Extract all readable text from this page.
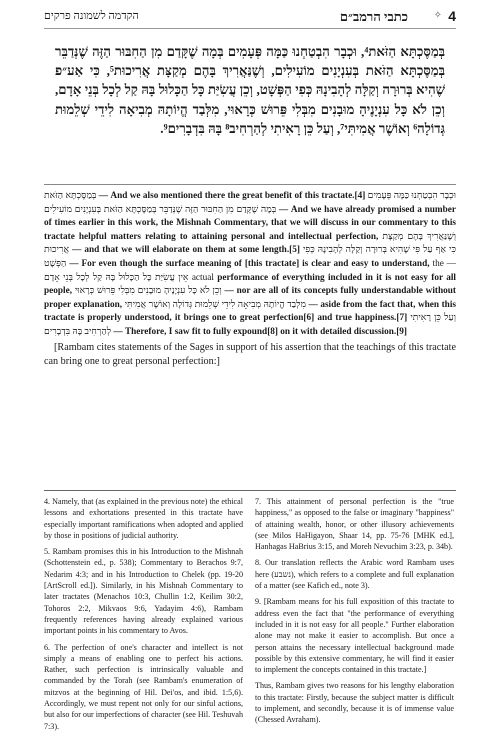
4
✧
כתבי הרמב״ם
הקדמה לשמונה פרקים
בְּמַסֶּכְתָּא הַזֹּאת⁴, וּכְבָר הִבְטַחְנוּ כַּמָּה פְּעָמִים בְּמָה שֶׁקָּדַם מִן הַחִבּוּר הַזֶּה שֶׁנְּדַבֵּר בְּמַסֶּכְתָּא הַזֹּאת בְּעִנְיָנִים מוֹעִילִים, וְשֶׁנַּאֲרִיךְ בָּהֶם מְקַצָּת אֲרִיכוּת⁵, כִּי אַע״פ שֶׁהִיא בְּרוּרָה וְקַלָּה לְהָבִינָהּ כְּפִי הַפְּשָׁט, וְכֵן עֲשִׂיַּת כָּל הַכָּלוּל בָּהּ קַל לְכָל בְּנֵי אָדָם, וְכֵן לֹא כָּל עִנְיָנֶיהָ מוּבָנִים מִבְּלִי פֵּרוּשׁ כְּרָאוּי, מִלְּבַד הֱיוֹתָהּ מְבִיאָה לִידֵי שְׁלֵמוּת גְּדוֹלָה⁶ וְאוֹשֶׁר אֲמִיתִּי⁷, וְעַל כֵּן רָאִיתִי לְהַרְחִיב⁸ בָּהּ בִּדְבָרִים⁹.

בְּמַסֶּכְתָּא הַזֹּאת — And we also mentioned there the great benefit of this tractate.[4] וּכְבָר הִבְטַחְנוּ כַּמָּה פְּעָמִים בְּמָה שֶׁקָּדַם מִן הַחִבּוּר הַזֶּה שֶׁנְּדַבֵּר בְּמַסֶּכְתָּא הַזֹּאת בְּעִנְיָנִים מוֹעִילִים — And we have already promised a number of times earlier in this work, the Mishnah Commentary, that we will discuss in our commentary to this tractate helpful matters relating to attaining personal and intellectual perfection, וְשֶׁנַּאֲרִיךְ בָּהֶם מְקַצָּת אֲרִיכוּת — and that we will elaborate on them at some length.[5] כִּי אַף עַל פִּי שֶׁהִיא בְּרוּרָה וְקַלָּה לְהָבִינָהּ כְּפִי הַפְּשָׁט — For even though the surface meaning of [this tractate] is clear and easy to understand, — the actual אֵין עֲשִׂיַּת כָּל הַכָּלוּל בָּהּ קַל לְכָל בְּנֵי אָדָם performance of everything included in it is not easy for all people, וְכֵן לֹא כָּל עִנְיָנֶיהָ מוּבָנִים מִבְּלִי פֵּרוּשׁ כְּרָאוּי — nor are all of its concepts fully understandable without proper explanation, מִלְּבַד הֱיוֹתָהּ מְבִיאָה לִידֵי שְׁלֵמוּת גְּדוֹלָה וְאוֹשֶׁר אֲמִיתִּי — aside from the fact that, when this tractate is properly understood, it brings one to great perfection[6] and true happiness.[7] וְעַל כֵּן רָאִיתִי לְהַרְחִיב בָּהּ בִּדְבָרִים — Therefore, I saw fit to fully expound[8] on it with detailed discussion.[9]

[Rambam cites statements of the Sages in support of his assertion that the teachings of this tractate can bring one to great personal perfection:]

4. Namely, that (as explained in the previous note) the ethical lessons and exhortations presented in this tractate have especially important ramifications when adopted and applied by those in positions of judicial authority.

5. Rambam promises this in his Introduction to the Mishnah (Schottenstein ed., p. 538); Commentary to Berachos 9:7, Nedarim 4:3; and in his Introduction to Chelek (pp. 19-20 [ArtScroll ed.]). Similarly, in his Mishnah Commentary to later tractates (Menachos 10:3, Chullin 1:2, Keilim 30:2, Tohoros 2:2, Mikvaos 9:6, Yadayim 4:6), Rambam frequently references having already explained various important points in his commentary to Avos.

6. The perfection of one's character and intellect is not simply a means of enabling one to perfect his actions. Rather, such perfection is intrinsically valuable and commanded by the Torah (see Rambam's enumeration of mitzvos at the beginning of Hil. Dei'os, and ibid. 1:5,6). Accordingly, we must repent not only for our sinful actions, but also for our imperfections of character (see Hil. Teshuvah 7:3).

7. This attainment of personal perfection is the "true happiness," as opposed to the false or imaginary "happiness" of attaining wealth, honor, or other illusory achievements (see Milos HaHigayon, Shaar 14, pp. 75-76 [MHK ed.], Hanhagas HaBrius 3:15, and Moreh Nevuchim 3:23, p. 34b).

8. Our translation reflects the Arabic word Rambam uses here (נשבע), which refers to a complete and full explanation of a matter (see Kafich ed., note 3).

9. [Rambam means for his full exposition of this tractate to address even the fact that "the performance of everything included in it is not easy for all people." Further elaboration alone may not make it easier to accomplish. But once a person attains the necessary intellectual background made possible by this extensive commentary, he will find it easier to implement the concepts contained in this tractate.]

Thus, Rambam gives two reasons for his lengthy elaboration to this tractate: Firstly, because the subject matter is difficult to implement, and secondly, because it is of immense value (Chessed Avraham).
